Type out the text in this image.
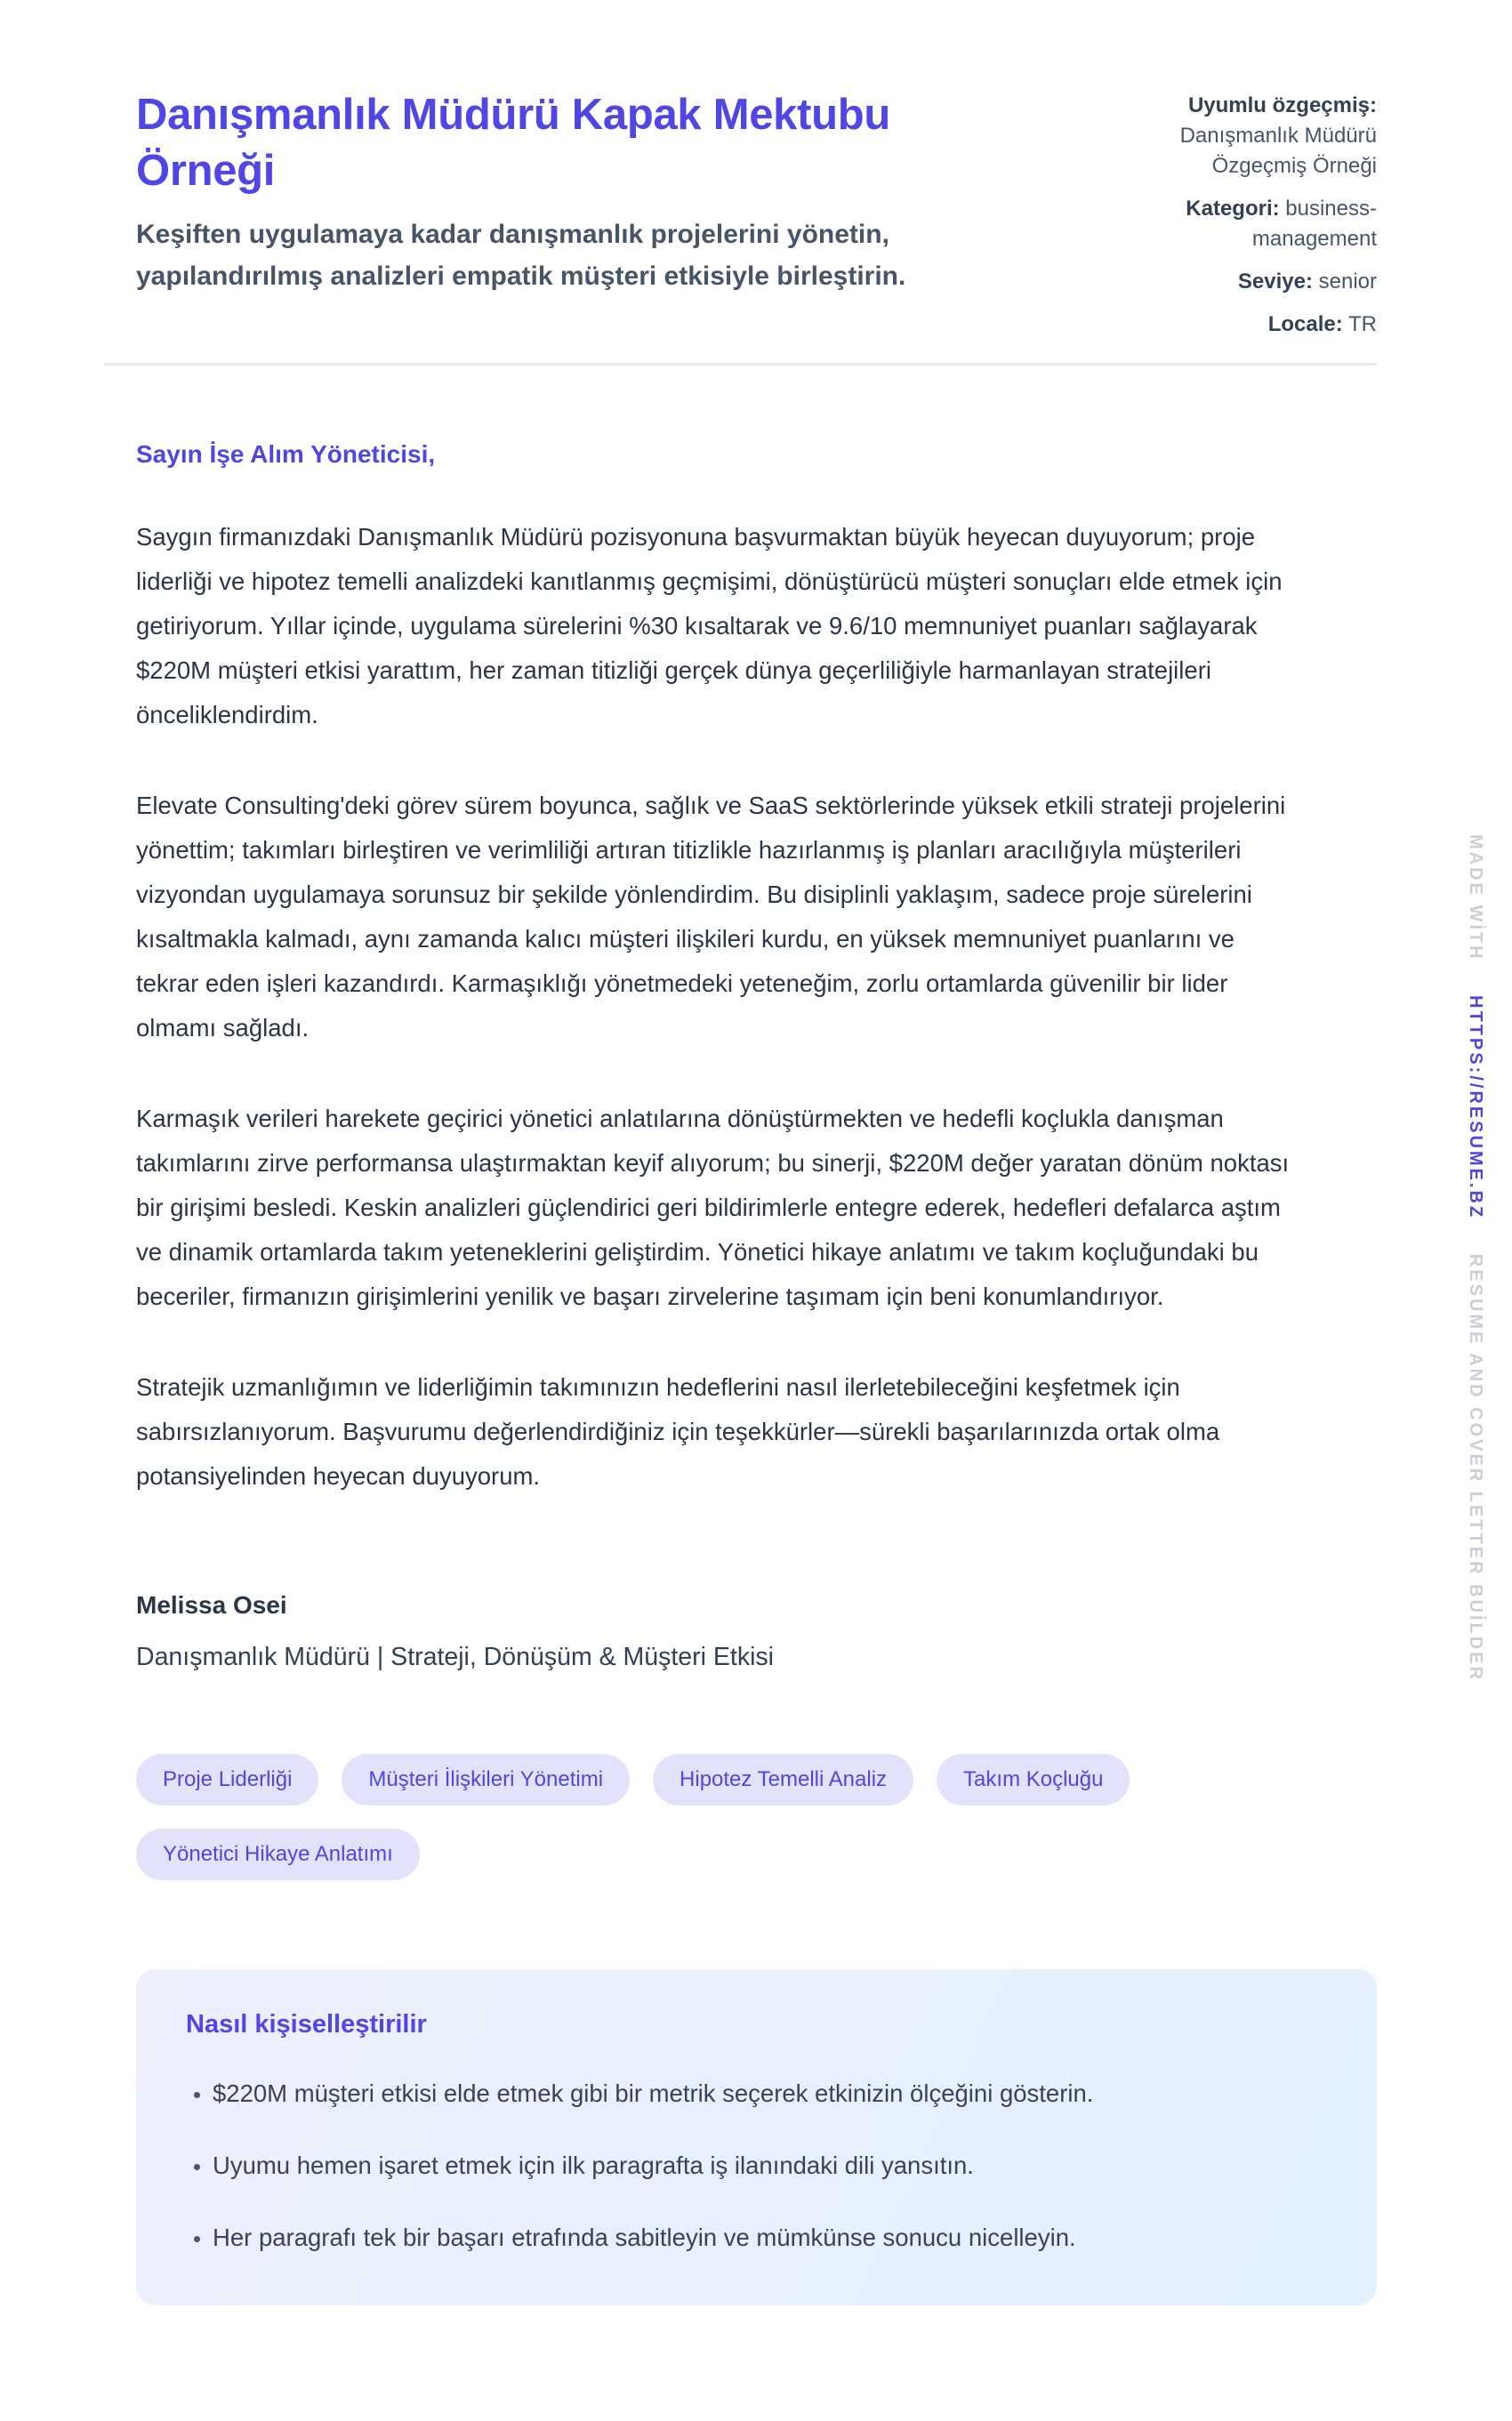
MADE WİTH HTTPS://RESUME.BZ RESUME AND COVER LETTER BUİLDER
Danışmanlık Müdürü Kapak Mektubu Örneği

Keşiften uygulamaya kadar danışmanlık projelerini yönetin, yapılandırılmış analizleri empatik müşteri etkisiyle birleştirin.

Uyumlu özgeçmiş: Danışmanlık Müdürü Özgeçmiş Örneği
Kategori: business-management
Seviye: senior
Locale: TR

Sayın İşe Alım Yöneticisi,

Saygın firmanızdaki Danışmanlık Müdürü pozisyonuna başvurmaktan büyük heyecan duyuyorum; proje liderliği ve hipotez temelli analizdeki kanıtlanmış geçmişimi, dönüştürücü müşteri sonuçları elde etmek için getiriyorum. Yıllar içinde, uygulama sürelerini %30 kısaltarak ve 9.6/10 memnuniyet puanları sağlayarak $220M müşteri etkisi yarattım, her zaman titizliği gerçek dünya geçerliliğiyle harmanlayan stratejileri önceliklendirdim.

Elevate Consulting'deki görev sürem boyunca, sağlık ve SaaS sektörlerinde yüksek etkili strateji projelerini yönettim; takımları birleştiren ve verimliliği artıran titizlikle hazırlanmış iş planları aracılığıyla müşterileri vizyondan uygulamaya sorunsuz bir şekilde yönlendirdim. Bu disiplinli yaklaşım, sadece proje sürelerini kısaltmakla kalmadı, aynı zamanda kalıcı müşteri ilişkileri kurdu, en yüksek memnuniyet puanlarını ve tekrar eden işleri kazandırdı. Karmaşıklığı yönetmedeki yeteneğim, zorlu ortamlarda güvenilir bir lider olmamı sağladı.

Karmaşık verileri harekete geçirici yönetici anlatılarına dönüştürmekten ve hedefli koçlukla danışman takımlarını zirve performansa ulaştırmaktan keyif alıyorum; bu sinerji, $220M değer yaratan dönüm noktası bir girişimi besledi. Keskin analizleri güçlendirici geri bildirimlerle entegre ederek, hedefleri defalarca aştım ve dinamik ortamlarda takım yeteneklerini geliştirdim. Yönetici hikaye anlatımı ve takım koçluğundaki bu beceriler, firmanızın girişimlerini yenilik ve başarı zirvelerine taşımam için beni konumlandırıyor.

Stratejik uzmanlığımın ve liderliğimin takımınızın hedeflerini nasıl ilerletebileceğini keşfetmek için sabırsızlanıyorum. Başvurumu değerlendirdiğiniz için teşekkürler—sürekli başarılarınızda ortak olma potansiyelinden heyecan duyuyorum.

Melissa Osei

Danışmanlık Müdürü | Strateji, Dönüşüm & Müşteri Etkisi

Proje Liderliği	Müşteri İlişkileri Yönetimi	Hipotez Temelli Analiz	Takım Koçluğu
Yönetici Hikaye Anlatımı
Nasıl kişiselleştirilir
• $220M müşteri etkisi elde etmek gibi bir metrik seçerek etkinizin ölçeğini gösterin.
• Uyumu hemen işaret etmek için ilk paragrafta iş ilanındaki dili yansıtın.
• Her paragrafı tek bir başarı etrafında sabitleyin ve mümkünse sonucu nicelleyin.
